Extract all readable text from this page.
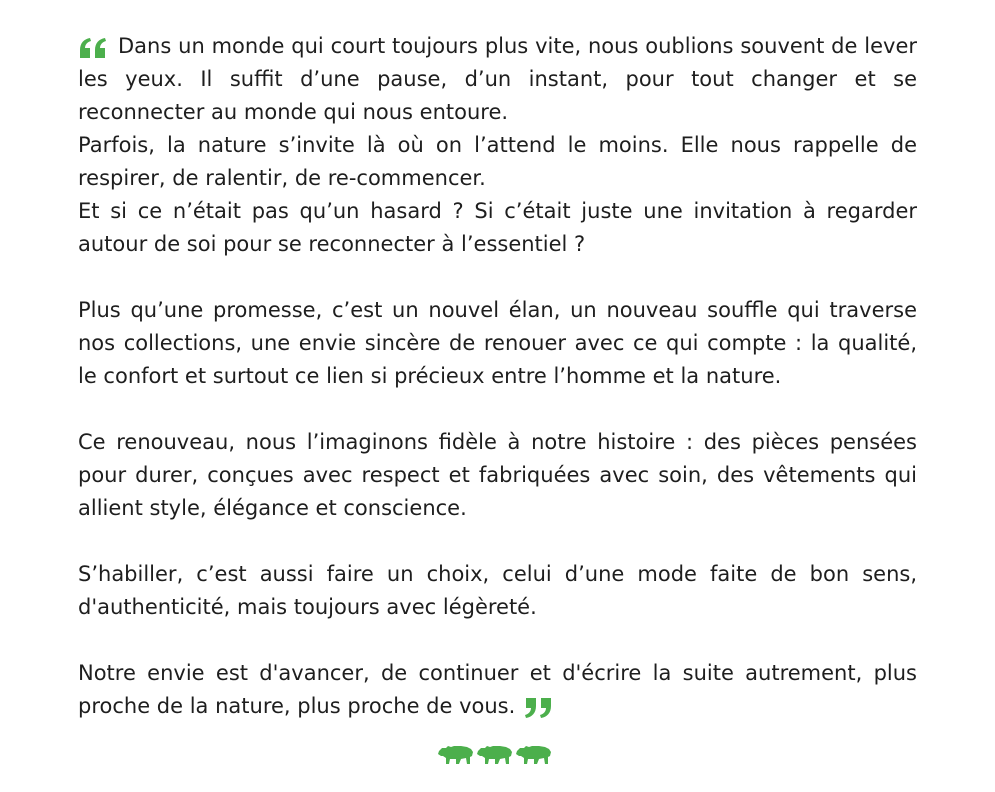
Dans un monde qui court toujours plus vite, nous oublions souvent de lever les yeux. Il suffit d’une pause, d’un instant, pour tout changer et se reconnecter au monde qui nous entoure.

Parfois, la nature s’invite là où on l’attend le moins. Elle nous rappelle de respirer, de ralentir, de re-commencer.

Et si ce n’était pas qu’un hasard ? Si c’était juste une invitation à regarder autour de soi pour se reconnecter à l’essentiel ?

Plus qu’une promesse, c’est un nouvel élan, un nouveau souffle qui traverse nos collections, une envie sincère de renouer avec ce qui compte : la qualité, le confort et surtout ce lien si précieux entre l’homme et la nature.

Ce renouveau, nous l’imaginons fidèle à notre histoire : des pièces pensées pour durer, conçues avec respect et fabriquées avec soin, des vêtements qui allient style, élégance et conscience.

S’habiller, c’est aussi faire un choix, celui d’une mode faite de bon sens, d'authenticité, mais toujours avec légèreté.

Notre envie est d'avancer, de continuer et d'écrire la suite autrement, plus proche de la nature, plus proche de vous.
